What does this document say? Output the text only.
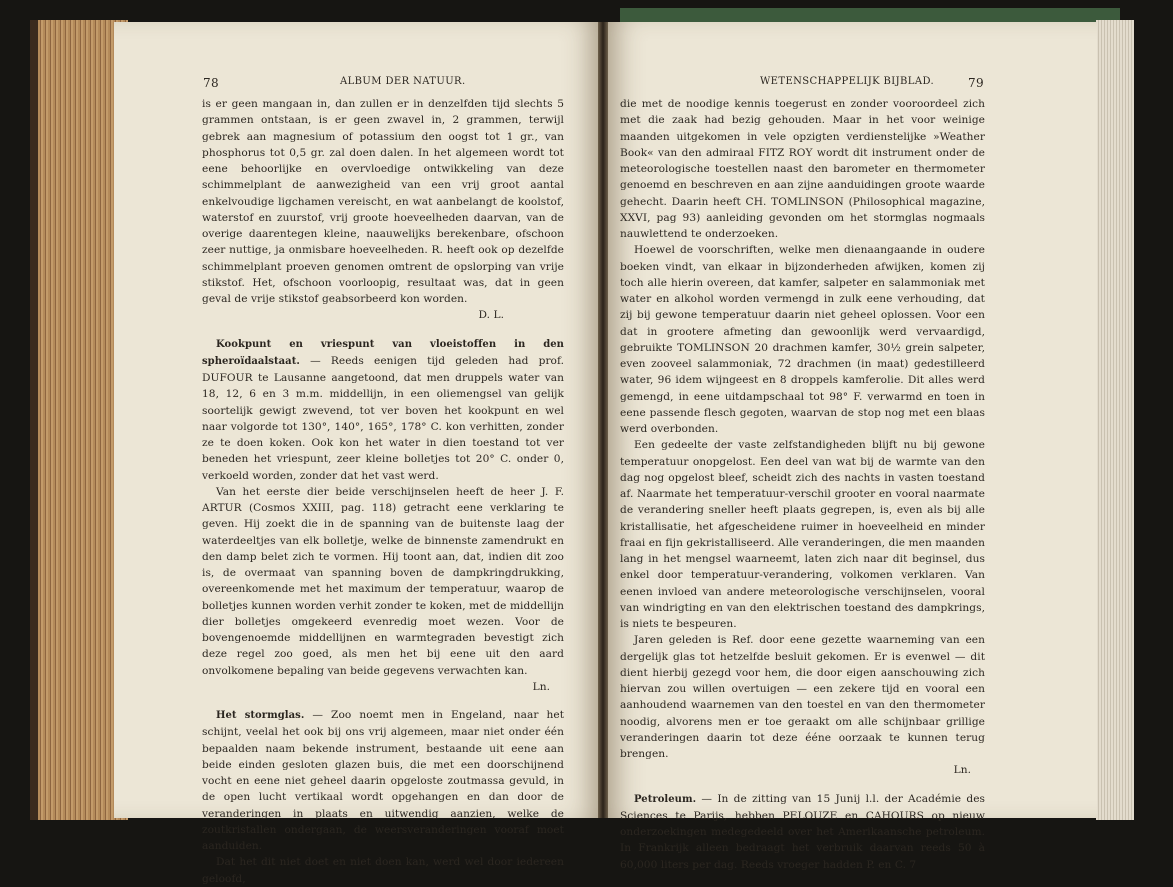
78	ALBUM DER NATUUR.

is er geen mangaan in, dan zullen er in denzelfden tijd slechts 5 grammen ontstaan, is er geen zwavel in, 2 grammen, terwijl gebrek aan magnesium of potassium den oogst tot 1 gr., van phosphorus tot 0,5 gr. zal doen dalen. In het algemeen wordt tot eene behoorlijke en overvloedige ontwikkeling van deze schimmelplant de aanwezigheid van een vrij groot aantal enkelvoudige ligchamen vereischt, en wat aanbelangt de koolstof, waterstof en zuurstof, vrij groote hoeveelheden daarvan, van de overige daarentegen kleine, naauwelijks berekenbare, ofschoon zeer nuttige, ja onmisbare hoeveelheden. R. heeft ook op dezelfde schimmelplant proeven genomen omtrent de opslorping van vrije stikstof. Het, ofschoon voorloopig, resultaat was, dat in geen geval de vrije stikstof geabsorbeerd kon worden.

D. L.

Kookpunt en vriespunt van vloeistoffen in den spheroïdaalstaat. — Reeds eenigen tijd geleden had prof. DUFOUR te Lausanne aangetoond, dat men druppels water van 18, 12, 6 en 3 m.m. middellijn, in een oliemengsel van gelijk soortelijk gewigt zwevend, tot ver boven het kookpunt en wel naar volgorde tot 130°, 140°, 165°, 178° C. kon verhitten, zonder ze te doen koken. Ook kon het water in dien toestand tot ver beneden het vriespunt, zeer kleine bolletjes tot 20° C. onder 0, verkoeld worden, zonder dat het vast werd.

Van het eerste dier beide verschijnselen heeft de heer J. F. ARTUR (Cosmos XXIII, pag. 118) getracht eene verklaring te geven. Hij zoekt die in de spanning van de buitenste laag der waterdeeltjes van elk bolletje, welke de binnenste zamendrukt en den damp belet zich te vormen. Hij toont aan, dat, indien dit zoo is, de overmaat van spanning boven de dampkringdrukking, overeenkomende met het maximum der temperatuur, waarop de bolletjes kunnen worden verhit zonder te koken, met de middellijn dier bolletjes omgekeerd evenredig moet wezen. Voor de bovengenoemde middellijnen en warmtegraden bevestigt zich deze regel zoo goed, als men het bij eene uit den aard onvolkomene bepaling van beide gegevens verwachten kan.

Ln.

Het stormglas. — Zoo noemt men in Engeland, naar het schijnt, veelal het ook bij ons vrij algemeen, maar niet onder één bepaalden naam bekende instrument, bestaande uit eene aan beide einden gesloten glazen buis, die met een doorschijnend vocht en eene niet geheel daarin opgeloste zoutmassa gevuld, in de open lucht vertikaal wordt opgehangen en dan door de veranderingen in plaats en uitwendig aanzien, welke de zoutkristallen ondergaan, de weersveranderingen vooraf moet aanduiden.

Dat het dit niet doet en niet doen kan, werd wel door iedereen geloofd,

WETENSCHAPPELIJK BIJBLAD.	79

die met de noodige kennis toegerust en zonder vooroordeel zich met die zaak had bezig gehouden. Maar in het voor weinige maanden uitgekomen in vele opzigten verdienstelijke »Weather Book« van den admiraal FITZ ROY wordt dit instrument onder de meteorologische toestellen naast den barometer en thermometer genoemd en beschreven en aan zijne aanduidingen groote waarde gehecht. Daarin heeft CH. TOMLINSON (Philosophical magazine, XXVI, pag 93) aanleiding gevonden om het stormglas nogmaals nauwlettend te onderzoeken.

Hoewel de voorschriften, welke men dienaangaande in oudere boeken vindt, van elkaar in bijzonderheden afwijken, komen zij toch alle hierin overeen, dat kamfer, salpeter en salammoniak met water en alkohol worden vermengd in zulk eene verhouding, dat zij bij gewone temperatuur daarin niet geheel oplossen. Voor een dat in grootere afmeting dan gewoonlijk werd vervaardigd, gebruikte TOMLINSON 20 drachmen kamfer, 30½ grein salpeter, even zooveel salammoniak, 72 drachmen (in maat) gedestilleerd water, 96 idem wijngeest en 8 droppels kamferolie. Dit alles werd gemengd, in eene uitdampschaal tot 98° F. verwarmd en toen in eene passende flesch gegoten, waarvan de stop nog met een blaas werd overbonden.

Een gedeelte der vaste zelfstandigheden blijft nu bij gewone temperatuur onopgelost. Een deel van wat bij de warmte van den dag nog opgelost bleef, scheidt zich des nachts in vasten toestand af. Naarmate het temperatuur-verschil grooter en vooral naarmate de verandering sneller heeft plaats gegrepen, is, even als bij alle kristallisatie, het afgescheidene ruimer in hoeveelheid en minder fraai en fijn gekristalliseerd. Alle veranderingen, die men maanden lang in het mengsel waarneemt, laten zich naar dit beginsel, dus enkel door temperatuur-verandering, volkomen verklaren. Van eenen invloed van andere meteorologische verschijnselen, vooral van windrigting en van den elektrischen toestand des dampkrings, is niets te bespeuren.

Jaren geleden is Ref. door eene gezette waarneming van een dergelijk glas tot hetzelfde besluit gekomen. Er is evenwel — dit dient hierbij gezegd voor hem, die door eigen aanschouwing zich hiervan zou willen overtuigen — een zekere tijd en vooral een aanhoudend waarnemen van den toestel en van den thermometer noodig, alvorens men er toe geraakt om alle schijnbaar grillige veranderingen daarin tot deze ééne oorzaak te kunnen terug brengen.

Ln.

Petroleum. — In de zitting van 15 Junij l.l. der Académie des Sciences te Parijs, hebben PELOUZE en CAHOURS op nieuw onderzoekingen medegedeeld over het Amerikaansche petroleum. In Frankrijk alleen bedraagt het verbruik daarvan reeds 50 à 60,000 liters per dag. Reeds vroeger hadden P. en C. 7
